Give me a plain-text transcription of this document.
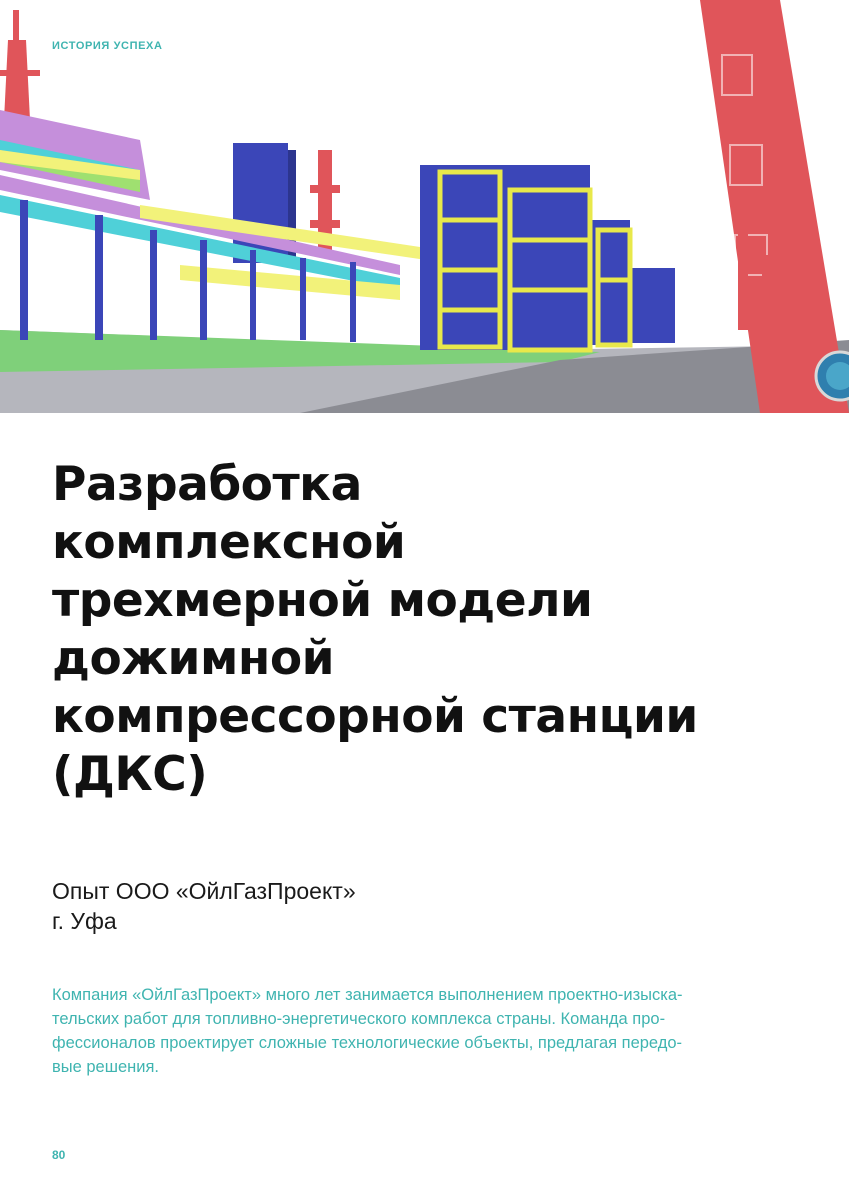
ИСТОРИЯ УСПЕХА
Разработка
комплексной
трехмерной модели
дожимной
компрессорной станции
(ДКС)
Опыт ООО «ОйлГазПроект»
г. Уфа
Компания «ОйлГазПроект» много лет занимается выполнением проектно-изыска-
тельских работ для топливно-энергетического комплекса страны. Команда про-
фессионалов проектирует сложные технологические объекты, предлагая передо-
вые решения.
80
